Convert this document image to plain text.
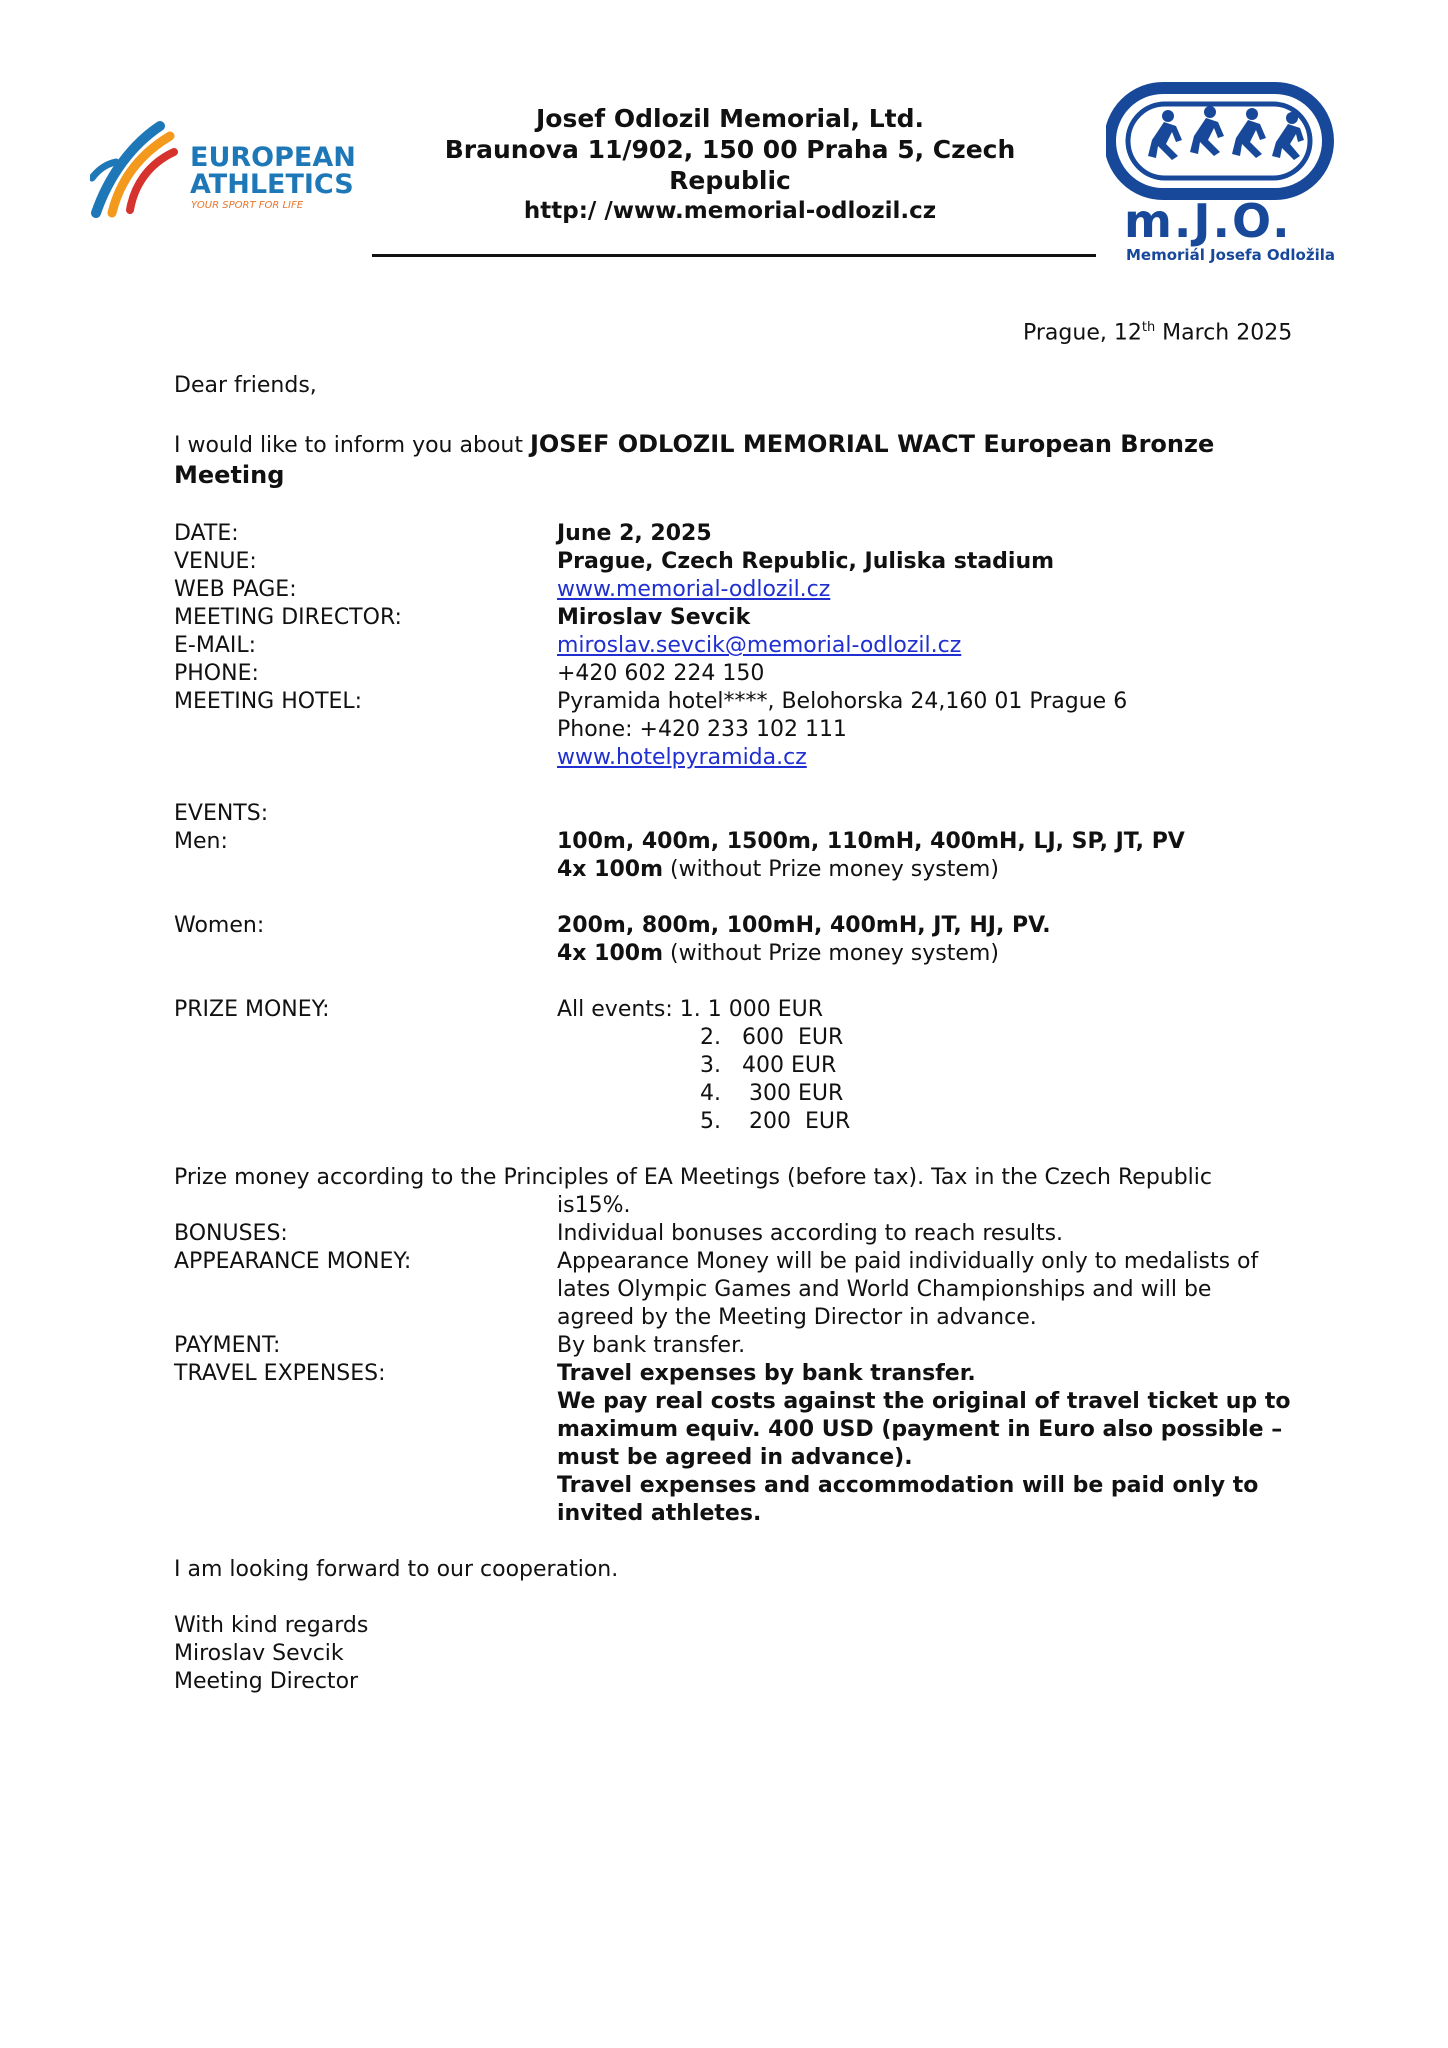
EUROPEAN
ATHLETICS
YOUR SPORT FOR LIFE
Josef Odlozil Memorial, Ltd.
Braunova 11/902, 150 00 Praha 5, Czech Republic
http:/ /www.memorial-odlozil.cz	m.J.O.
Memoriál Josefa Odložila
Prague, 12th March 2025
Dear friends,
I would like to inform you about JOSEF ODLOZIL MEMORIAL WACT European Bronze
Meeting
DATE:	June 2, 2025
VENUE:	Prague, Czech Republic, Juliska stadium
WEB PAGE:	www.memorial-odlozil.cz
MEETING DIRECTOR:	Miroslav Sevcik
E-MAIL:	miroslav.sevcik@memorial-odlozil.cz
PHONE:	+420 602 224 150
MEETING HOTEL:	Pyramida hotel****, Belohorska 24,160 01 Prague 6
Phone: +420 233 102 111
www.hotelpyramida.cz
EVENTS:
Men:	100m, 400m, 1500m, 110mH, 400mH, LJ, SP, JT, PV
4x 100m (without Prize money system)
Women:	200m, 800m, 100mH, 400mH, JT, HJ, PV.
4x 100m (without Prize money system)
PRIZE MONEY:	All events: 1. 1 000 EUR
2.   600  EUR
3.   400 EUR
4.    300 EUR
5.    200  EUR
Prize money according to the Principles of EA Meetings (before tax). Tax in the Czech Republic
is15%.
BONUSES:	Individual bonuses according to reach results.
APPEARANCE MONEY:	Appearance Money will be paid individually only to medalists of
lates Olympic Games and World Championships and will be
agreed by the Meeting Director in advance.
PAYMENT:	By bank transfer.
TRAVEL EXPENSES:	Travel expenses by bank transfer.
We pay real costs against the original of travel ticket up to
maximum equiv. 400 USD (payment in Euro also possible –
must be agreed in advance).
Travel expenses and accommodation will be paid only to
invited athletes.
I am looking forward to our cooperation.
With kind regards
Miroslav Sevcik
Meeting Director
